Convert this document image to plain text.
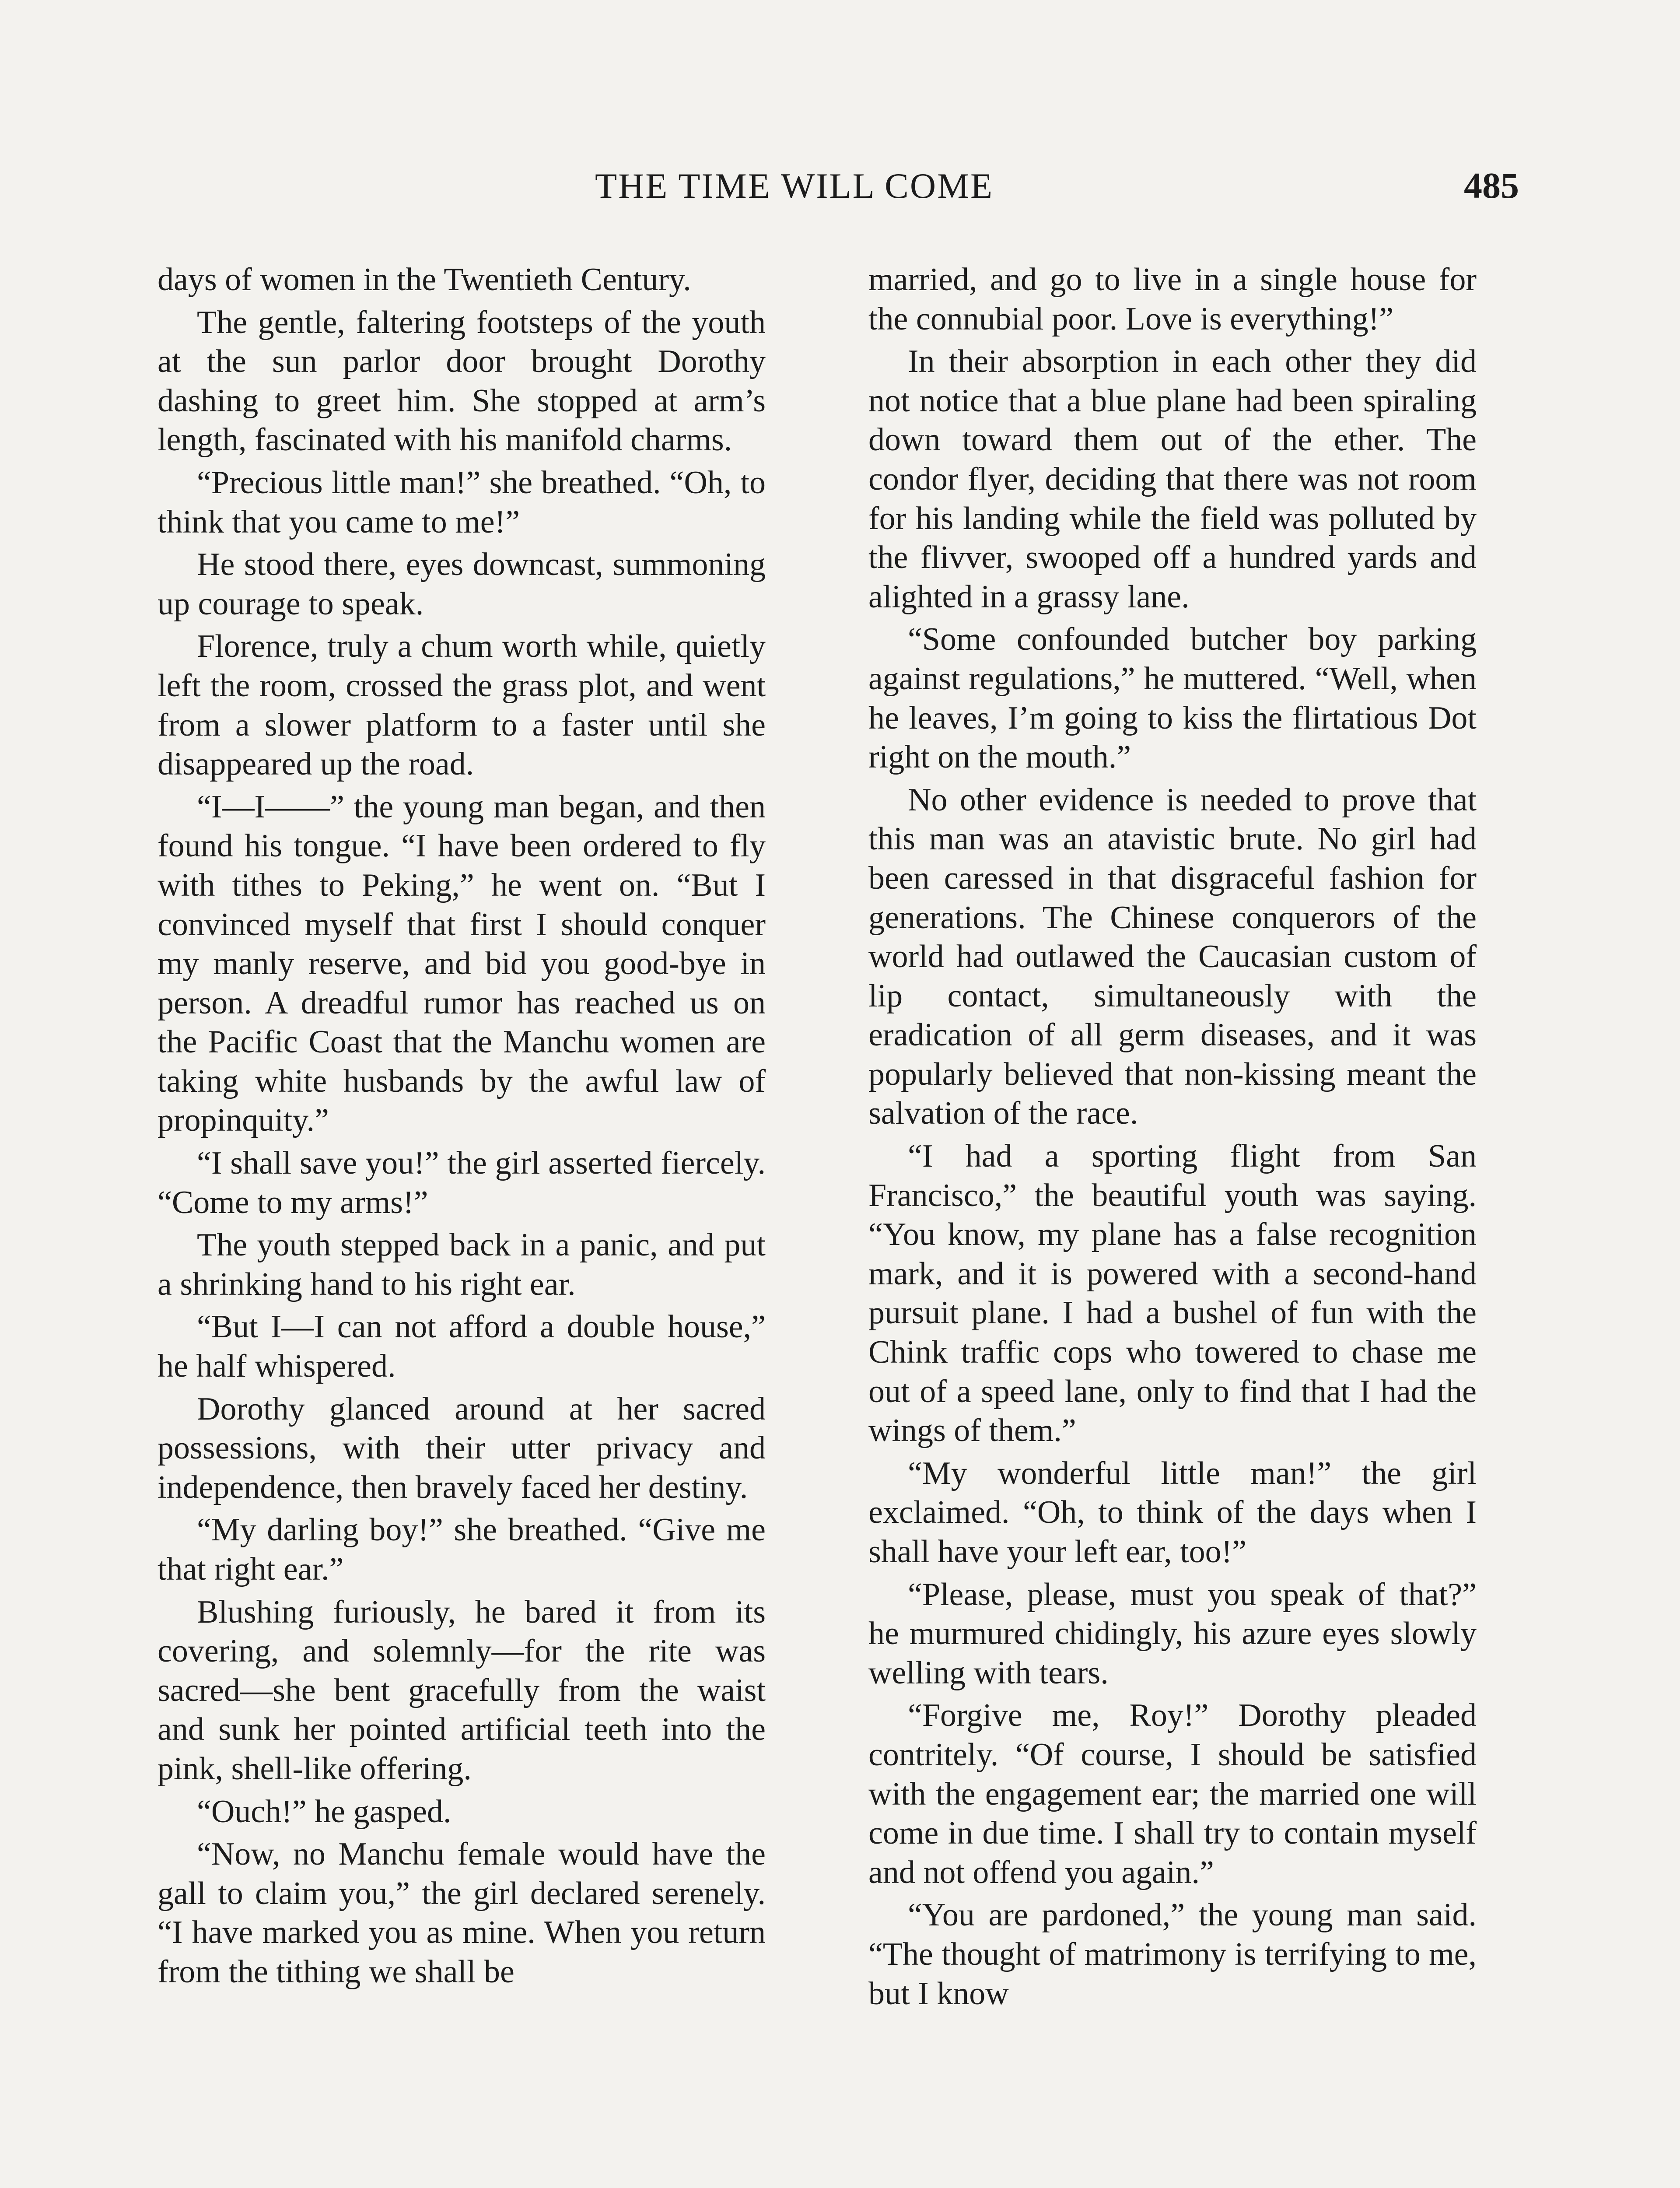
THE TIME WILL COME	485

days of women in the Twentieth Century.

The gentle, faltering footsteps of the youth at the sun parlor door brought Dorothy dashing to greet him. She stopped at arm’s length, fascinated with his manifold charms.

“Precious little man!” she breathed. “Oh, to think that you came to me!”

He stood there, eyes downcast, summoning up courage to speak.

Florence, truly a chum worth while, quietly left the room, crossed the grass plot, and went from a slower platform to a faster until she disappeared up the road.

“I—I——” the young man began, and then found his tongue. “I have been ordered to fly with tithes to Peking,” he went on. “But I convinced myself that first I should conquer my manly reserve, and bid you good-bye in person. A dreadful rumor has reached us on the Pacific Coast that the Manchu women are taking white husbands by the awful law of propinquity.”

“I shall save you!” the girl asserted fiercely. “Come to my arms!”

The youth stepped back in a panic, and put a shrinking hand to his right ear.

“But I—I can not afford a double house,” he half whispered.

Dorothy glanced around at her sacred possessions, with their utter privacy and independence, then bravely faced her destiny.

“My darling boy!” she breathed. “Give me that right ear.”

Blushing furiously, he bared it from its covering, and solemnly—for the rite was sacred—she bent gracefully from the waist and sunk her pointed artificial teeth into the pink, shell-like offering.

“Ouch!” he gasped.

“Now, no Manchu female would have the gall to claim you,” the girl declared serenely. “I have marked you as mine. When you return from the tithing we shall be

married, and go to live in a single house for the connubial poor. Love is everything!”

In their absorption in each other they did not notice that a blue plane had been spiraling down toward them out of the ether. The condor flyer, deciding that there was not room for his landing while the field was polluted by the flivver, swooped off a hundred yards and alighted in a grassy lane.

“Some confounded butcher boy parking against regulations,” he muttered. “Well, when he leaves, I’m going to kiss the flirtatious Dot right on the mouth.”

No other evidence is needed to prove that this man was an atavistic brute. No girl had been caressed in that disgraceful fashion for generations. The Chinese conquerors of the world had outlawed the Caucasian custom of lip contact, simultaneously with the eradication of all germ diseases, and it was popularly believed that non-kissing meant the salvation of the race.

“I had a sporting flight from San Francisco,” the beautiful youth was saying. “You know, my plane has a false recognition mark, and it is powered with a second-hand pursuit plane. I had a bushel of fun with the Chink traffic cops who towered to chase me out of a speed lane, only to find that I had the wings of them.”

“My wonderful little man!” the girl exclaimed. “Oh, to think of the days when I shall have your left ear, too!”

“Please, please, must you speak of that?” he murmured chidingly, his azure eyes slowly welling with tears.

“Forgive me, Roy!” Dorothy pleaded contritely. “Of course, I should be satisfied with the engagement ear; the married one will come in due time. I shall try to contain myself and not offend you again.”

“You are pardoned,” the young man said. “The thought of matrimony is terrifying to me, but I know
